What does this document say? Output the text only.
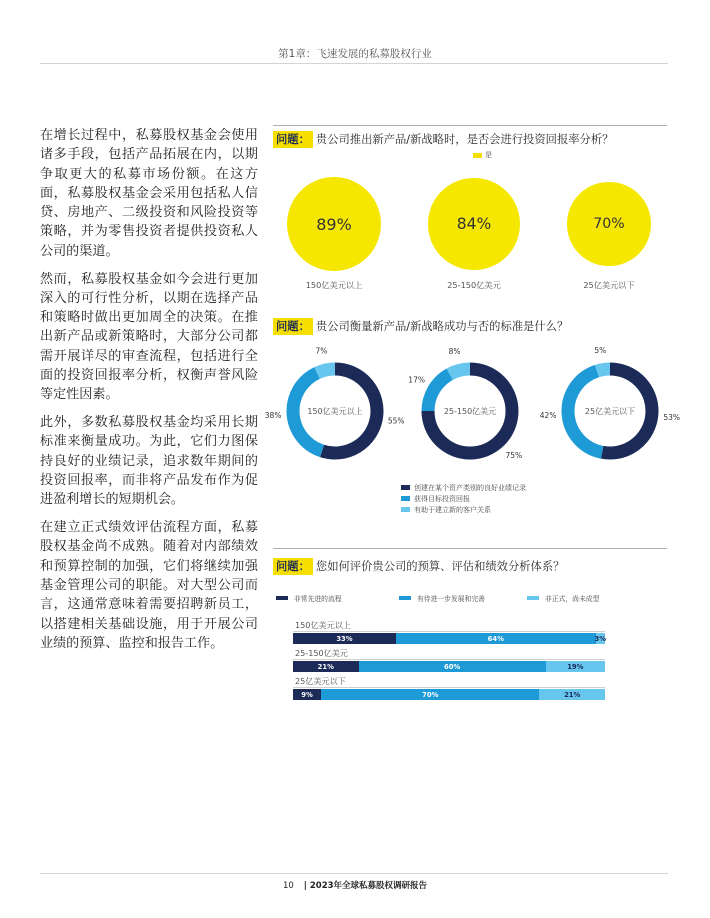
第1章：飞速发展的私募股权行业

在增长过程中，私募股权基金会使用诸多手段，包括产品拓展在内，以期争取更大的私募市场份额。在这方面，私募股权基金会采用包括私人信贷、房地产、二级投资和风险投资等策略，并为零售投资者提供投资私人公司的渠道。

然而，私募股权基金如今会进行更加深入的可行性分析，以期在选择产品和策略时做出更加周全的决策。在推出新产品或新策略时，大部分公司都需开展详尽的审查流程，包括进行全面的投资回报率分析，权衡声誉风险等定性因素。

此外，多数私募股权基金均采用长期标准来衡量成功。为此，它们力图保持良好的业绩记录，追求数年期间的投资回报率，而非将产品发布作为促进盈利增长的短期机会。

在建立正式绩效评估流程方面，私募股权基金尚不成熟。随着对内部绩效和预算控制的加强，它们将继续加强基金管理公司的职能。对大型公司而言，这通常意味着需要招聘新员工，以搭建相关基础设施，用于开展公司业绩的预算、监控和报告工作。

问题： 贵公司推出新产品/新战略时，是否会进行投资回报率分析？
是
89%
150亿美元以上
84%
25-150亿美元
70%
25亿美元以下
问题： 贵公司衡量新产品/新战略成功与否的标准是什么？
55%
38%
7%
150亿美元以上
75%
17%
8%
25-150亿美元
53%
42%
5%
25亿美元以下
创建在某个资产类别的良好业绩记录
获得目标投资回报
有助于建立新的客户关系
问题： 您如何评价贵公司的预算、评估和绩效分析体系？
非常先进的流程	有待进一步发展和完善	非正式，尚未成型
150亿美元以上
33%	64%	3%
25-150亿美元
21%	60%	19%
25亿美元以下
9%	70%	21%
10 | 2023年全球私募股权调研报告
